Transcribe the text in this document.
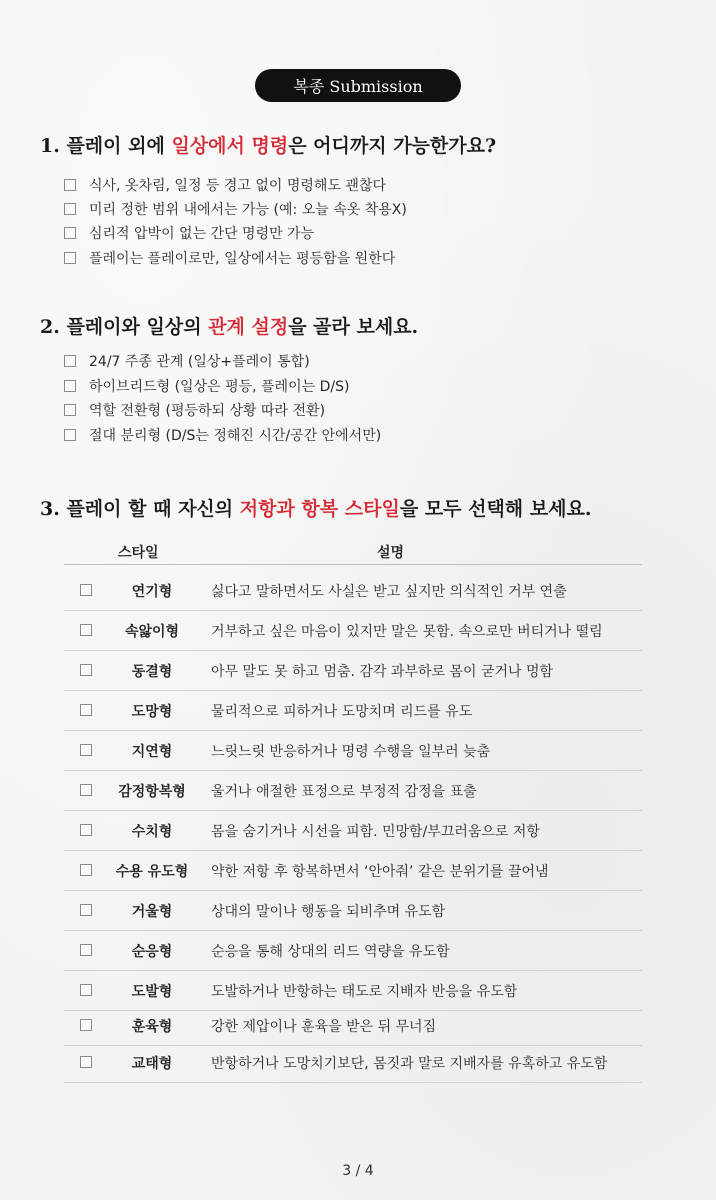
복종 Submission
1. 플레이 외에 일상에서 명령은 어디까지 가능한가요?
식사, 옷차림, 일정 등 경고 없이 명령해도 괜찮다
미리 정한 범위 내에서는 가능 (예: 오늘 속옷 착용X)
심리적 압박이 없는 간단 명령만 가능
플레이는 플레이로만, 일상에서는 평등함을 원한다
2. 플레이와 일상의 관계 설정을 골라 보세요.
24/7 주종 관계 (일상+플레이 통합)
하이브리드형 (일상은 평등, 플레이는 D/S)
역할 전환형 (평등하되 상황 따라 전환)
절대 분리형 (D/S는 정해진 시간/공간 안에서만)
3. 플레이 할 때 자신의 저항과 항복 스타일을 모두 선택해 보세요.
스타일	설명
연기형	싫다고 말하면서도 사실은 받고 싶지만 의식적인 거부 연출
속앓이형	거부하고 싶은 마음이 있지만 말은 못함. 속으로만 버티거나 떨림
동결형	아무 말도 못 하고 멈춤. 감각 과부하로 몸이 굳거나 멍함
도망형	물리적으로 피하거나 도망치며 리드를 유도
지연형	느릿느릿 반응하거나 명령 수행을 일부러 늦춤
감정항복형	울거나 애절한 표정으로 부정적 감정을 표출
수치형	몸을 숨기거나 시선을 피함. 민망함/부끄러움으로 저항
수용 유도형	약한 저항 후 항복하면서 ‘안아줘’ 같은 분위기를 끌어냄
거울형	상대의 말이나 행동을 되비추며 유도함
순응형	순응을 통해 상대의 리드 역량을 유도함
도발형	도발하거나 반항하는 태도로 지배자 반응을 유도함
훈육형	강한 제압이나 훈육을 받은 뒤 무너짐
교태형	반항하거나 도망치기보단, 몸짓과 말로 지배자를 유혹하고 유도함
3 / 4
